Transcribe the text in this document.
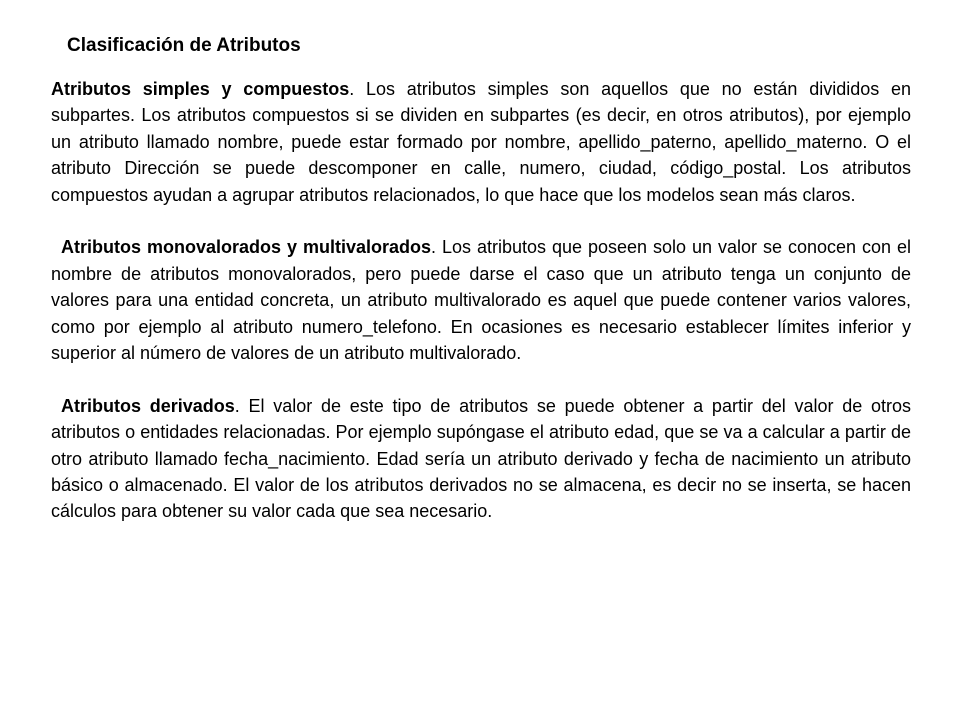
Clasificación de Atributos

Atributos simples y compuestos. Los atributos simples son aquellos que no están divididos en subpartes. Los atributos compuestos si se dividen en subpartes (es decir, en otros atributos), por ejemplo un atributo llamado nombre, puede estar formado por nombre, apellido_paterno, apellido_materno. O el atributo Dirección se puede descomponer en calle, numero, ciudad, código_postal. Los atributos compuestos ayudan a agrupar atributos relacionados, lo que hace que los modelos sean más claros.

Atributos monovalorados y multivalorados. Los atributos que poseen solo un valor se conocen con el nombre de atributos monovalorados, pero puede darse el caso que un atributo tenga un conjunto de valores para una entidad concreta, un atributo multivalorado es aquel que puede contener varios valores, como por ejemplo al atributo numero_telefono. En ocasiones es necesario establecer límites inferior y superior al número de valores de un atributo multivalorado.

Atributos derivados. El valor de este tipo de atributos se puede obtener a partir del valor de otros atributos o entidades relacionadas. Por ejemplo supóngase el atributo edad, que se va a calcular a partir de otro atributo llamado fecha_nacimiento. Edad sería un atributo derivado y fecha de nacimiento un atributo básico o almacenado. El valor de los atributos derivados no se almacena, es decir no se inserta, se hacen cálculos para obtener su valor cada que sea necesario.
